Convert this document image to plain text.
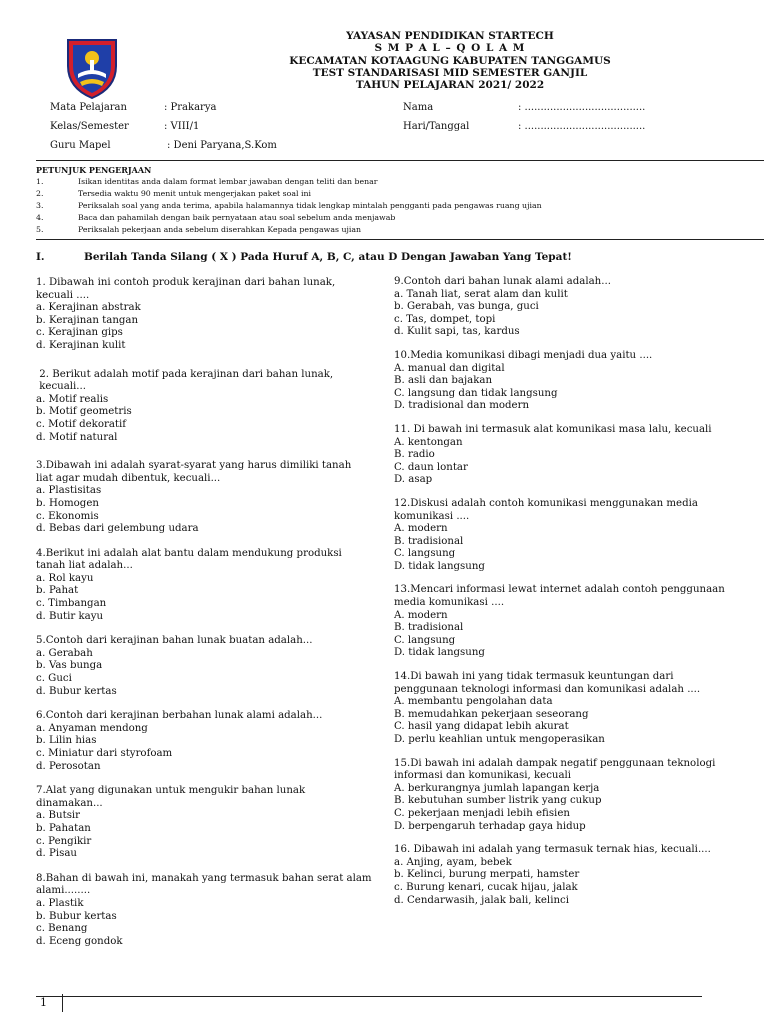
YAYASAN PENDIDIKAN STARTECH
S M P A L – Q O L A M
KECAMATAN KOTAAGUNG KABUPATEN TANGGAMUS
TEST STANDARISASI MID SEMESTER GANJIL
TAHUN PELAJARAN 2021/ 2022
Mata Pelajaran	: Prakarya
Kelas/Semester	: VIII/1
Guru Mapel	: Deni Paryana,S.Kom
Nama	: ......................................
Hari/Tanggal	: ......................................
PETUNJUK PENGERJAAN
1.	Isikan identitas anda dalam format lembar jawaban dengan teliti dan benar
2.	Tersedia waktu 90 menit untuk mengerjakan paket soal ini
3.	Periksalah soal yang anda terima, apabila halamannya tidak lengkap mintalah pengganti pada pengawas ruang ujian
4.	Baca dan pahamilah dengan baik pernyataan atau soal sebelum anda menjawab
5.	Periksalah pekerjaan anda sebelum diserahkan Kepada pengawas ujian
I.	Berilah Tanda Silang ( X ) Pada Huruf A, B, C, atau D Dengan Jawaban Yang Tepat!
1. Dibawah ini contoh produk kerajinan dari bahan lunak,
kecuali ....
a. Kerajinan abstrak
b. Kerajinan tangan
c. Kerajinan gips
d. Kerajinan kulit
2. Berikut adalah motif pada kerajinan dari bahan lunak,
kecuali...
a. Motif realis
b. Motif geometris
c. Motif dekoratif
d. Motif natural
3.Dibawah ini adalah syarat-syarat yang harus dimiliki tanah
liat agar mudah dibentuk, kecuali...
a. Plastisitas
b. Homogen
c. Ekonomis
d. Bebas dari gelembung udara
4.Berikut ini adalah alat bantu dalam mendukung produksi
tanah liat adalah...
a. Rol kayu
b. Pahat
c. Timbangan
d. Butir kayu
5.Contoh dari kerajinan bahan lunak buatan adalah...
a. Gerabah
b. Vas bunga
c. Guci
d. Bubur kertas
6.Contoh dari kerajinan berbahan lunak alami adalah...
a. Anyaman mendong
b. Lilin hias
c. Miniatur dari styrofoam
d. Perosotan
7.Alat yang digunakan untuk mengukir bahan lunak
dinamakan...
a. Butsir
b. Pahatan
c. Pengikir
d. Pisau
8.Bahan di bawah ini, manakah yang termasuk bahan serat alam
alami........
a. Plastik
b. Bubur kertas
c. Benang
d. Eceng gondok
9.Contoh dari bahan lunak alami adalah...
a. Tanah liat, serat alam dan kulit
b. Gerabah, vas bunga, guci
c. Tas, dompet, topi
d. Kulit sapi, tas, kardus
10.Media komunikasi dibagi menjadi dua yaitu ....
A. manual dan digital
B. asli dan bajakan
C. langsung dan tidak langsung
D. tradisional dan modern
11. Di bawah ini termasuk alat komunikasi masa lalu, kecuali
A. kentongan
B. radio
C. daun lontar
D. asap
12.Diskusi adalah contoh komunikasi menggunakan media
komunikasi ....
A. modern
B. tradisional
C. langsung
D. tidak langsung
13.Mencari informasi lewat internet adalah contoh penggunaan
media komunikasi ....
A. modern
B. tradisional
C. langsung
D. tidak langsung
14.Di bawah ini yang tidak termasuk keuntungan dari
penggunaan teknologi informasi dan komunikasi adalah ....
A. membantu pengolahan data
B. memudahkan pekerjaan seseorang
C. hasil yang didapat lebih akurat
D. perlu keahlian untuk mengoperasikan
15.Di bawah ini adalah dampak negatif penggunaan teknologi
informasi dan komunikasi, kecuali
A. berkurangnya jumlah lapangan kerja
B. kebutuhan sumber listrik yang cukup
C. pekerjaan menjadi lebih efisien
D. berpengaruh terhadap gaya hidup
16. Dibawah ini adalah yang termasuk ternak hias, kecuali....
a. Anjing, ayam, bebek
b. Kelinci, burung merpati, hamster
c. Burung kenari, cucak hijau, jalak
d. Cendarwasih, jalak bali, kelinci
1
